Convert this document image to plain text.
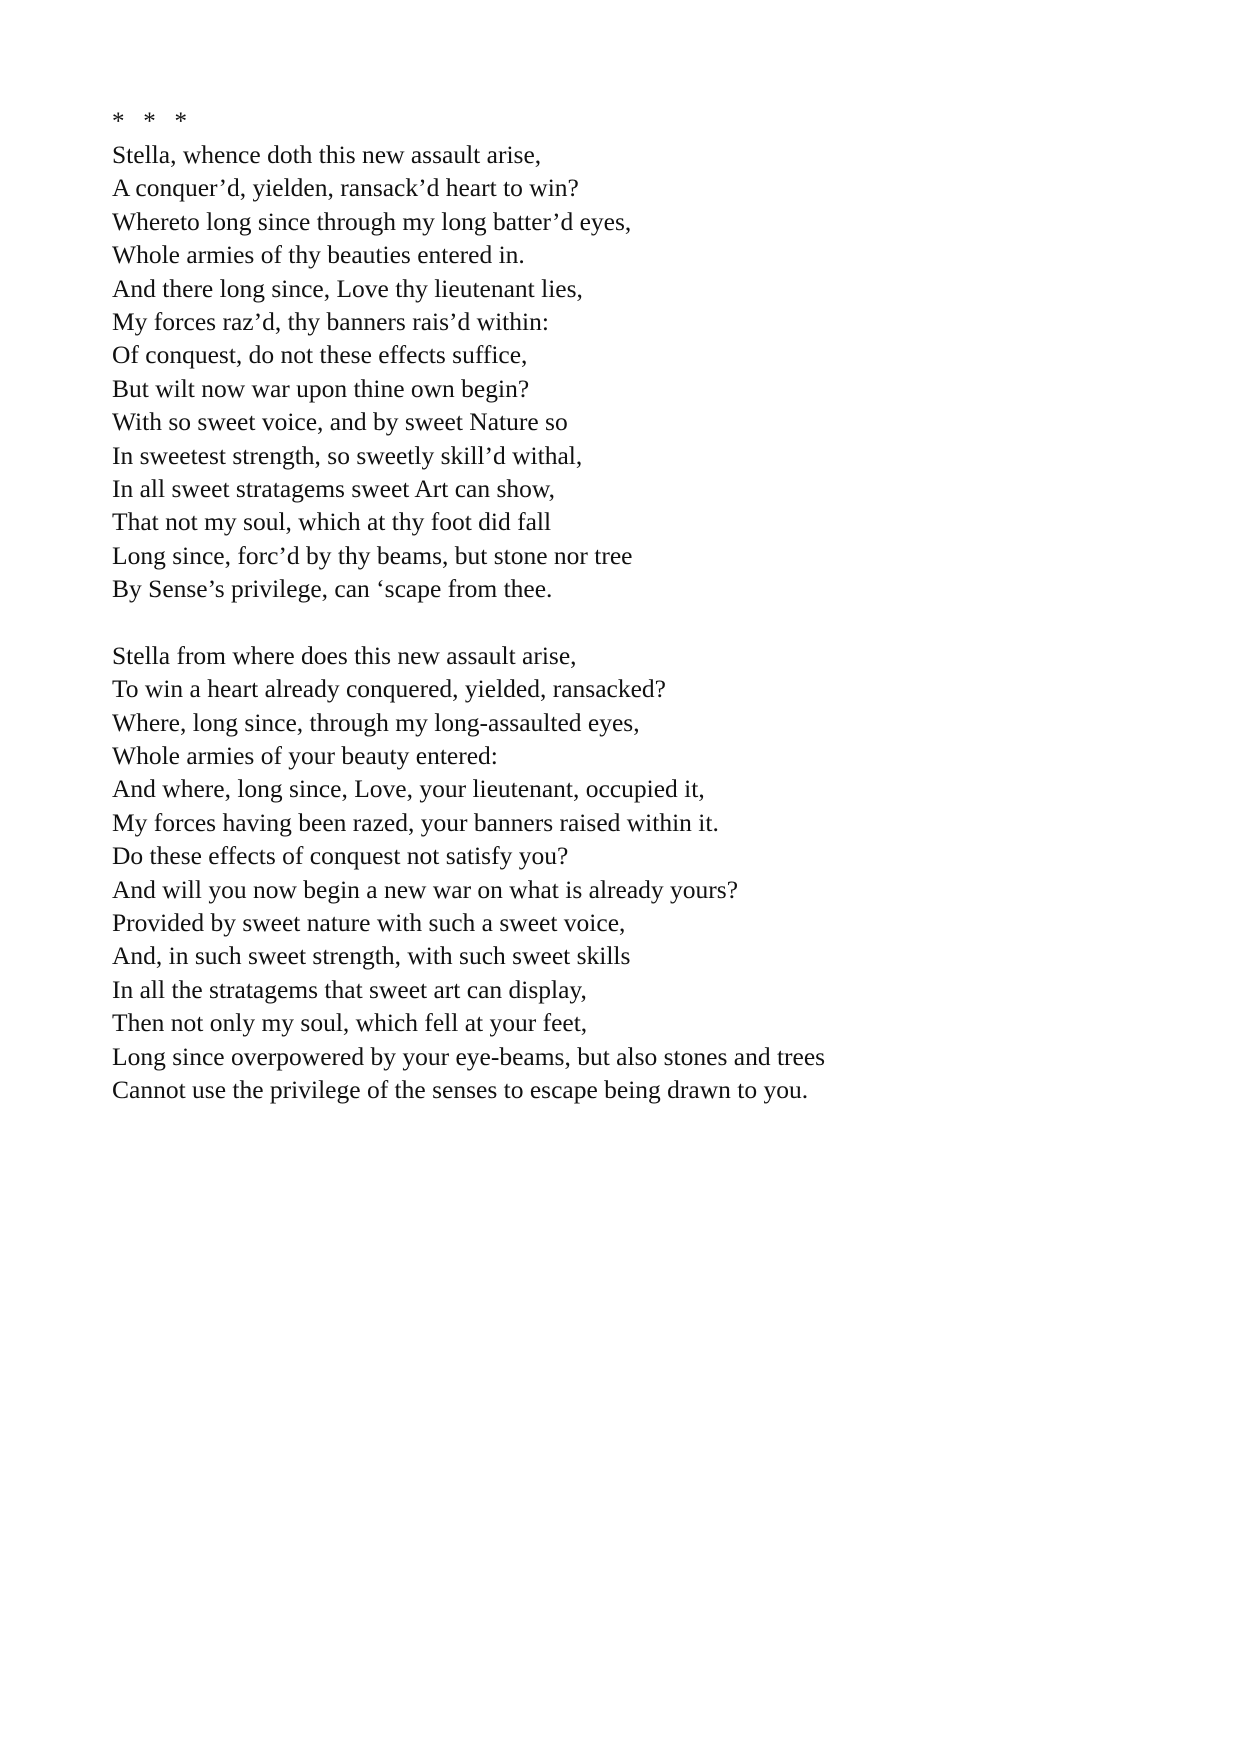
*   *   *

Stella, whence doth this new assault arise,
A conquer’d, yielden, ransack’d heart to win?
Whereto long since through my long batter’d eyes,
Whole armies of thy beauties entered in.
And there long since, Love thy lieutenant lies,
My forces raz’d, thy banners rais’d within:
Of conquest, do not these effects suffice,
But wilt now war upon thine own begin?
With so sweet voice, and by sweet Nature so
In sweetest strength, so sweetly skill’d withal,
In all sweet stratagems sweet Art can show,
That not my soul, which at thy foot did fall
Long since, forc’d by thy beams, but stone nor tree
By Sense’s privilege, can ‘scape from thee.
Stella from where does this new assault arise,
To win a heart already conquered, yielded, ransacked?
Where, long since, through my long-assaulted eyes,
Whole armies of your beauty entered:
And where, long since, Love, your lieutenant, occupied it,
My forces having been razed, your banners raised within it.
Do these effects of conquest not satisfy you?
And will you now begin a new war on what is already yours?
Provided by sweet nature with such a sweet voice,
And, in such sweet strength, with such sweet skills
In all the stratagems that sweet art can display,
Then not only my soul, which fell at your feet,
Long since overpowered by your eye-beams, but also stones and trees
Cannot use the privilege of the senses to escape being drawn to you.
